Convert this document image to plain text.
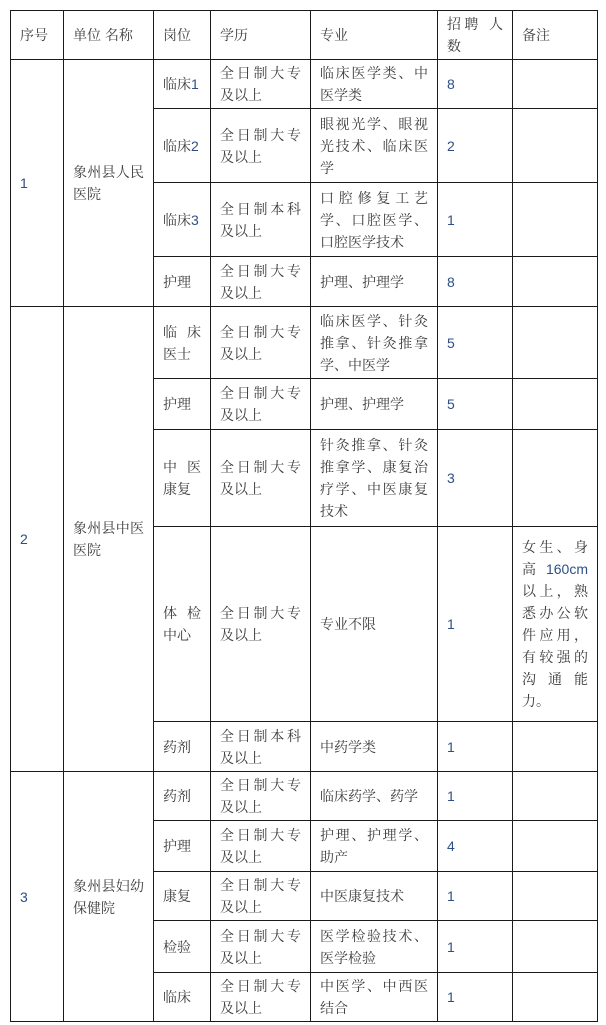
序号	单位 名称	岗位	学历	专业	招聘 人数	备注
1	象州县人民医院	临床1	全日制大专及以上	临床医学类、中医学类	8	
		临床2	全日制大专及以上	眼视光学、眼视光技术、临床医学	2	
		临床3	全日制本科及以上	口腔修复工艺学、口腔医学、口腔医学技术	1	
		护理	全日制大专及以上	护理、护理学	8	
2	象州县中医医院	临床医士	全日制大专及以上	临床医学、针灸推拿、针灸推拿学、中医学	5	
		护理	全日制大专及以上	护理、护理学	5	
		中医康复	全日制大专及以上	针灸推拿、针灸推拿学、康复治疗学、中医康复技术	3	
		体检中心	全日制大专及以上	专业不限	1	女生、身高 160cm 以上，熟悉办公软件应用，有较强的沟通能力。
		药剂	全日制本科及以上	中药学类	1	
3	象州县妇幼保健院	药剂	全日制大专及以上	临床药学、药学	1	
		护理	全日制大专及以上	护理、护理学、助产	4	
		康复	全日制大专及以上	中医康复技术	1	
		检验	全日制大专及以上	医学检验技术、医学检验	1	
		临床	全日制大专及以上	中医学、中西医结合	1	
